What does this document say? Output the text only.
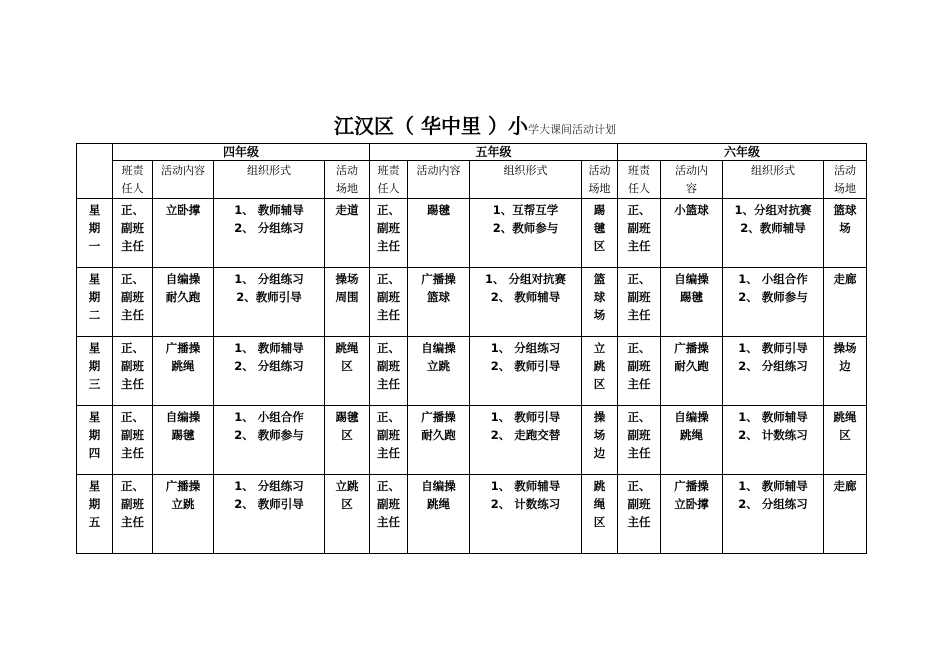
江汉区（ 华中里 ）小学大课间活动计划
	四年级				五年级				六年级			

	班责
任人	活动内容	组织形式	活动
场地	班责
任人	活动内容	组织形式	活动
场地	班责
任人	活动内
容	组织形式	活动
场地

星
期
一	正、
副班
主任	立卧撑	1、 教师辅导
2、 分组练习	走道	正、
副班
主任	踢毽	1、互帮互学
2、教师参与	踢
毽
区	正、
副班
主任	小篮球	1、分组对抗赛
2、教师辅导	篮球
场

星
期
二	正、
副班
主任	自编操
耐久跑	1、 分组练习
2、教师引导	操场
周围	正、
副班
主任	广播操
篮球	1、 分组对抗赛
2、 教师辅导	篮
球
场	正、
副班
主任	自编操
踢毽	1、 小组合作
2、 教师参与	走廊

星
期
三	正、
副班
主任	广播操
跳绳	1、 教师辅导
2、 分组练习	跳绳
区	正、
副班
主任	自编操
立跳	1、 分组练习
2、 教师引导	立
跳
区	正、
副班
主任	广播操
耐久跑	1、 教师引导
2、 分组练习	操场
边

星
期
四	正、
副班
主任	自编操
踢毽	1、 小组合作
2、 教师参与	踢毽
区	正、
副班
主任	广播操
耐久跑	1、 教师引导
2、 走跑交替	操
场
边	正、
副班
主任	自编操
跳绳	1、 教师辅导
2、 计数练习	跳绳
区

星
期
五	正、
副班
主任	广播操
立跳	1、 分组练习
2、 教师引导	立跳
区	正、
副班
主任	自编操
跳绳	1、 教师辅导
2、 计数练习	跳
绳
区	正、
副班
主任	广播操
立卧撑	1、 教师辅导
2、 分组练习	走廊
